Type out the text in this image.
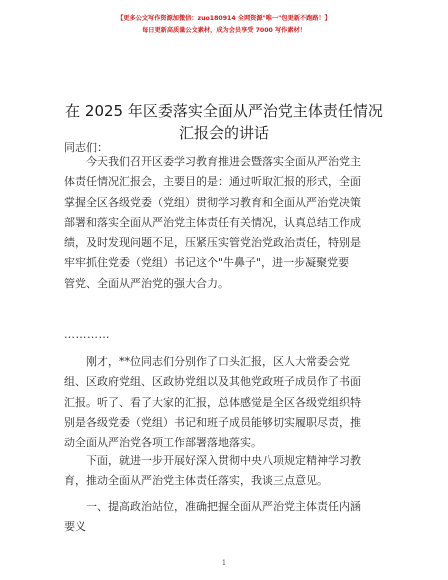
【更多公文写作资源加微信：zuo180914 全网资源"唯一"包更新不跑路！】
每日更新高质量公文素材，成为会员享受 7000 写作素材！
在 2025 年区委落实全面从严治党主体责任情况
汇报会的讲话
同志们：
　　今天我们召开区委学习教育推进会暨落实全面从严治党主
体责任情况汇报会，主要目的是：通过听取汇报的形式，全面
掌握全区各级党委（党组）贯彻学习教育和全面从严治党决策
部署和落实全面从严治党主体责任有关情况，认真总结工作成
绩，及时发现问题不足，压紧压实管党治党政治责任，特别是
牢牢抓住党委（党组）书记这个"牛鼻子"，进一步凝聚党要
管党、全面从严治党的强大合力。
…………
　　刚才，**位同志们分别作了口头汇报，区人大常委会党
组、区政府党组、区政协党组以及其他党政班子成员作了书面
汇报。听了、看了大家的汇报，总体感觉是全区各级党组织特
别是各级党委（党组）书记和班子成员能够切实履职尽责，推
动全面从严治党各项工作部署落地落实。
　　下面，就进一步开展好深入贯彻中央八项规定精神学习教
育，推动全面从严治党主体责任落实，我谈三点意见。
　　一、提高政治站位，准确把握全面从严治党主体责任内涵
要义
1
